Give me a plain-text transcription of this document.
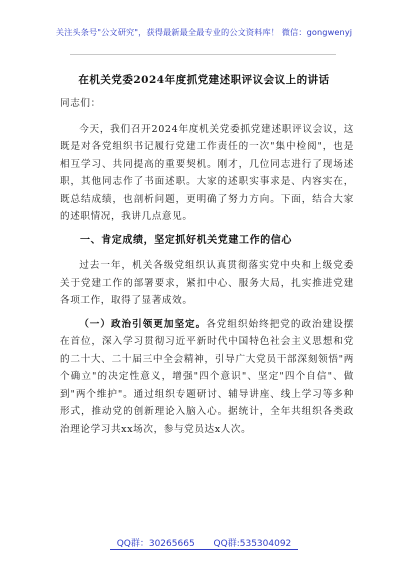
关注头条号"公文研究"，获得最新最全最专业的公文资料库！ 微信：gongwenyj
在机关党委2024年度抓党建述职评议会议上的讲话

同志们：

今天，我们召开2024年度机关党委抓党建述职评议会议，这既是对各党组织书记履行党建工作责任的一次"集中检阅"，也是相互学习、共同提高的重要契机。刚才，几位同志进行了现场述职，其他同志作了书面述职。大家的述职实事求是、内容实在，既总结成绩，也剖析问题，更明确了努力方向。下面，结合大家的述职情况，我讲几点意见。

一、肯定成绩，坚定抓好机关党建工作的信心

过去一年，机关各级党组织认真贯彻落实党中央和上级党委关于党建工作的部署要求，紧扣中心、服务大局，扎实推进党建各项工作，取得了显著成效。

（一）政治引领更加坚定。各党组织始终把党的政治建设摆在首位，深入学习贯彻习近平新时代中国特色社会主义思想和党的二十大、二十届三中全会精神，引导广大党员干部深刻领悟"两个确立"的决定性意义，增强"四个意识"、坚定"四个自信"、做到"两个维护"。通过组织专题研讨、辅导讲座、线上学习等多种形式，推动党的创新理论入脑入心。据统计，全年共组织各类政治理论学习共xx场次，参与党员达x人次。

QQ群：30265665 QQ群:535304092
